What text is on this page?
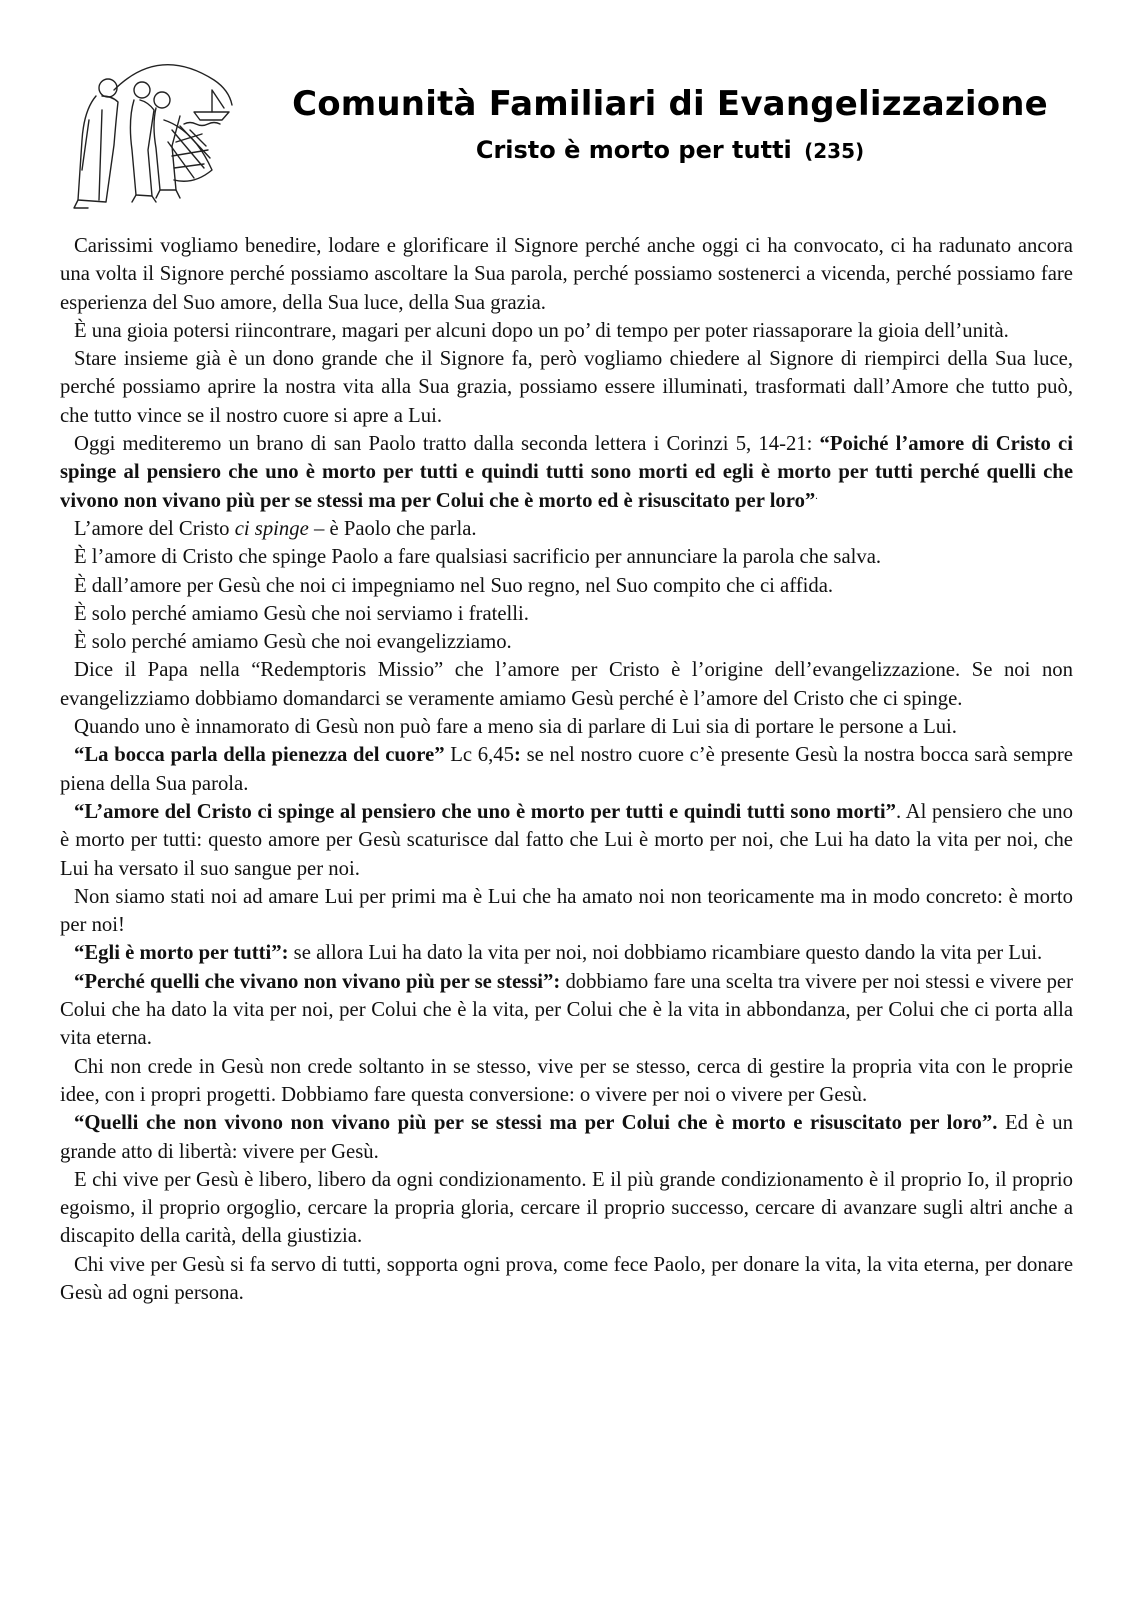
Comunità Familiari di Evangelizzazione
Cristo è morto per tutti (235)

Carissimi vogliamo benedire, lodare e glorificare il Signore perché anche oggi ci ha convocato, ci ha radunato ancora una volta il Signore perché possiamo ascoltare la Sua parola, perché possiamo sostenerci a vicenda, perché possiamo fare esperienza del Suo amore, della Sua luce, della Sua grazia.

È una gioia potersi riincontrare, magari per alcuni dopo un po’ di tempo per poter riassaporare la gioia dell’unità.

Stare insieme già è un dono grande che il Signore fa, però vogliamo chiedere al Signore di riempirci della Sua luce, perché possiamo aprire la nostra vita alla Sua grazia, possiamo essere illuminati, trasformati dall’Amore che tutto può, che tutto vince se il nostro cuore si apre a Lui.

Oggi mediteremo un brano di san Paolo tratto dalla seconda lettera i Corinzi 5, 14-21: “Poiché l’amore di Cristo ci spinge al pensiero che uno è morto per tutti e quindi tutti sono morti ed egli è morto per tutti perché quelli che vivono non vivano più per se stessi ma per Colui che è morto ed è risuscitato per loro”.

L’amore del Cristo ci spinge – è Paolo che parla.

È l’amore di Cristo che spinge Paolo a fare qualsiasi sacrificio per annunciare la parola che salva.

È dall’amore per Gesù che noi ci impegniamo nel Suo regno, nel Suo compito che ci affida.

È solo perché amiamo Gesù che noi serviamo i fratelli.

È solo perché amiamo Gesù che noi evangelizziamo.

Dice il Papa nella “Redemptoris Missio” che l’amore per Cristo è l’origine dell’evangelizzazione. Se noi non evangelizziamo dobbiamo domandarci se veramente amiamo Gesù perché è l’amore del Cristo che ci spinge.

Quando uno è innamorato di Gesù non può fare a meno sia di parlare di Lui sia di portare le persone a Lui.

“La bocca parla della pienezza del cuore” Lc 6,45: se nel nostro cuore c’è presente Gesù la nostra bocca sarà sempre piena della Sua parola.

“L’amore del Cristo ci spinge al pensiero che uno è morto per tutti e quindi tutti sono morti”. Al pensiero che uno è morto per tutti: questo amore per Gesù scaturisce dal fatto che Lui è morto per noi, che Lui ha dato la vita per noi, che Lui ha versato il suo sangue per noi.

Non siamo stati noi ad amare Lui per primi ma è Lui che ha amato noi non teoricamente ma in modo concreto: è morto per noi!

“Egli è morto per tutti”: se allora Lui ha dato la vita per noi, noi dobbiamo ricambiare questo dando la vita per Lui.

“Perché quelli che vivano non vivano più per se stessi”: dobbiamo fare una scelta tra vivere per noi stessi e vivere per Colui che ha dato la vita per noi, per Colui che è la vita, per Colui che è la vita in abbondanza, per Colui che ci porta alla vita eterna.

Chi non crede in Gesù non crede soltanto in se stesso, vive per se stesso, cerca di gestire la propria vita con le proprie idee, con i propri progetti. Dobbiamo fare questa conversione: o vivere per noi o vivere per Gesù.

“Quelli che non vivono non vivano più per se stessi ma per Colui che è morto e risuscitato per loro”. Ed è un grande atto di libertà: vivere per Gesù.

E chi vive per Gesù è libero, libero da ogni condizionamento. E il più grande condizionamento è il proprio Io, il proprio egoismo, il proprio orgoglio, cercare la propria gloria, cercare il proprio successo, cercare di avanzare sugli altri anche a discapito della carità, della giustizia.

Chi vive per Gesù si fa servo di tutti, sopporta ogni prova, come fece Paolo, per donare la vita, la vita eterna, per donare Gesù ad ogni persona.
